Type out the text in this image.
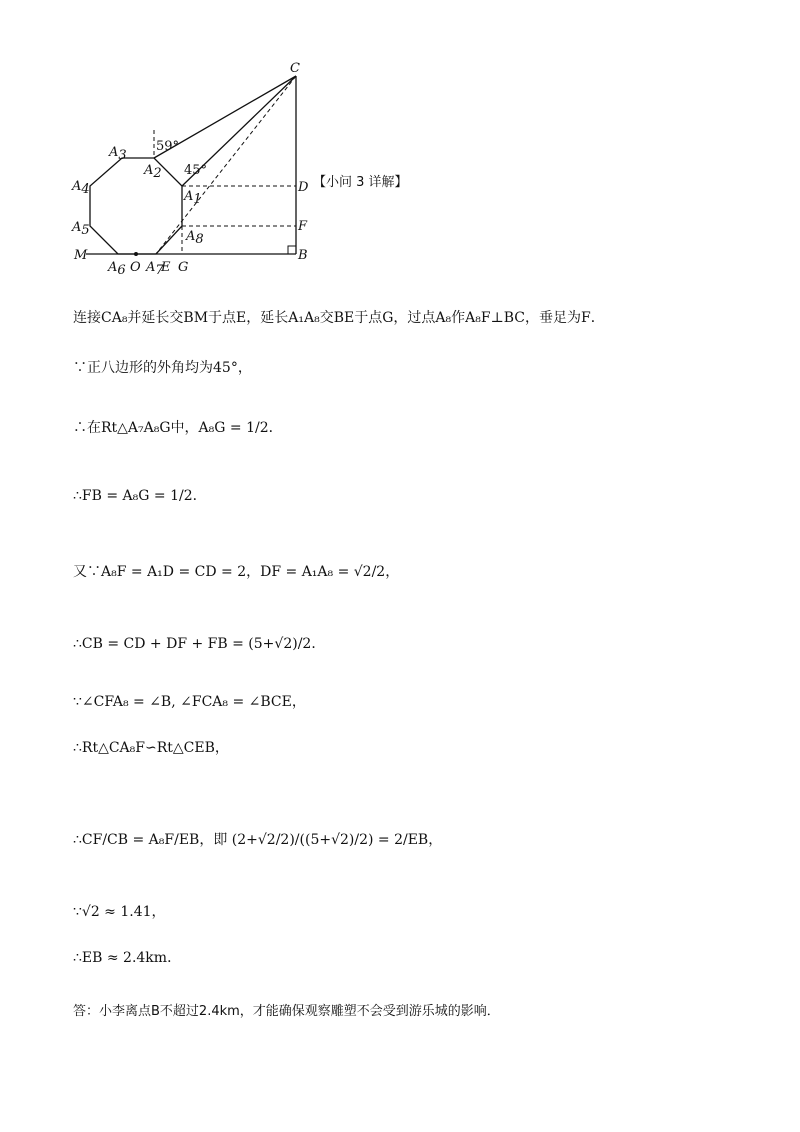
C
A3
59°
A2 45°
A4	A1
D
A5	F
A8
M
A6 O A7
E G
B
【小问 3 详解】
连接CA₈并延长交BM于点E，延长A₁A₈交BE于点G，过点A₈作A₈F⊥BC，垂足为F．
∵正八边形的外角均为45°，
∴在Rt△A₇A₈G中，A₈G = 1/2．
∴FB = A₈G = 1/2．
又∵A₈F = A₁D = CD = 2，DF = A₁A₈ = √2/2，
∴CB = CD + DF + FB = (5+√2)/2．
∵∠CFA₈ = ∠B, ∠FCA₈ = ∠BCE，
∴Rt△CA₈F∽Rt△CEB，
∴CF/CB = A₈F/EB，即 (2+√2/2)/((5+√2)/2) = 2/EB，
∵√2 ≈ 1.41，
∴EB ≈ 2.4km．
答：小李离点B不超过2.4km，才能确保观察雕塑不会受到游乐城的影响．
